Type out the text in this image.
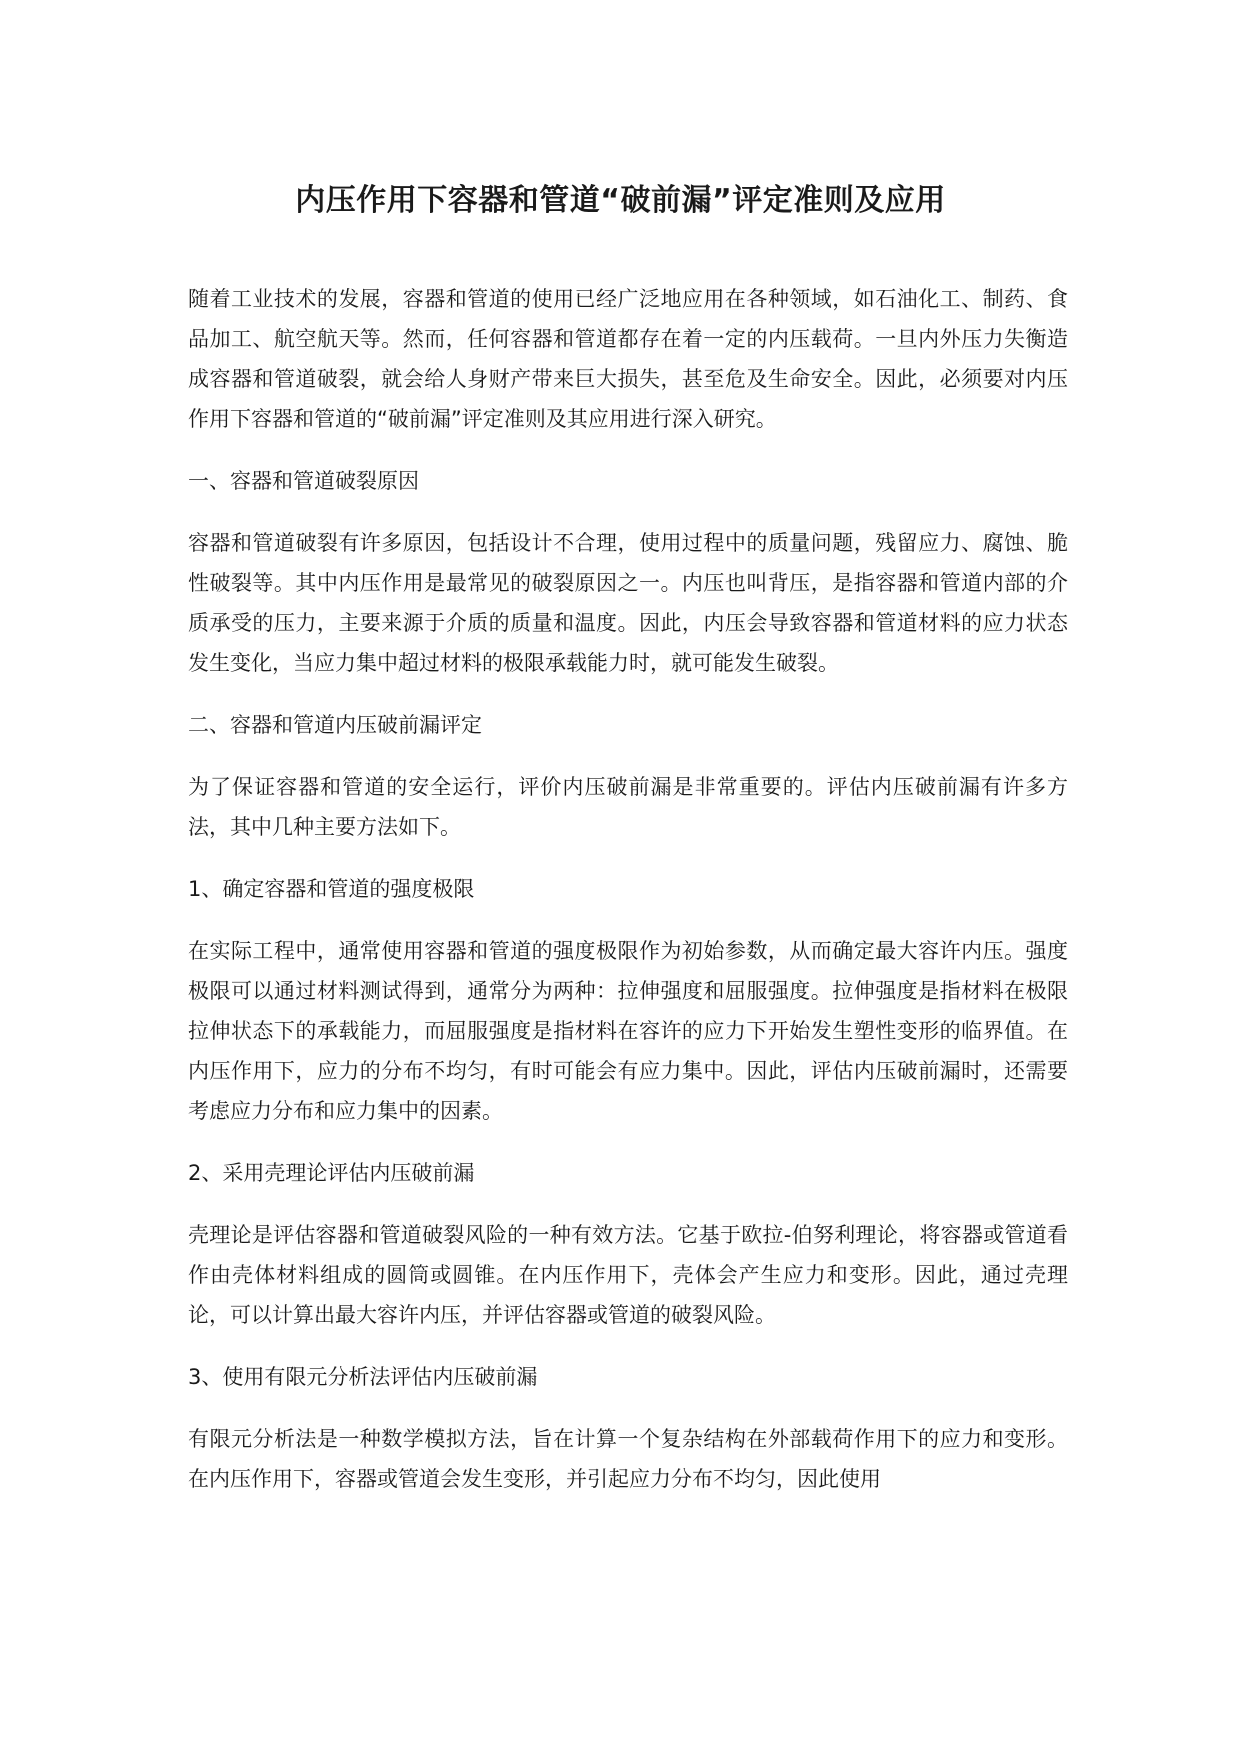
内压作用下容器和管道“破前漏”评定准则及应用

随着工业技术的发展，容器和管道的使用已经广泛地应用在各种领域，如石油化工、制药、食品加工、航空航天等。然而，任何容器和管道都存在着一定的内压载荷。一旦内外压力失衡造成容器和管道破裂，就会给人身财产带来巨大损失，甚至危及生命安全。因此，必须要对内压作用下容器和管道的“破前漏”评定准则及其应用进行深入研究。

一、容器和管道破裂原因

容器和管道破裂有许多原因，包括设计不合理，使用过程中的质量问题，残留应力、腐蚀、脆性破裂等。其中内压作用是最常见的破裂原因之一。内压也叫背压，是指容器和管道内部的介质承受的压力，主要来源于介质的质量和温度。因此，内压会导致容器和管道材料的应力状态发生变化，当应力集中超过材料的极限承载能力时，就可能发生破裂。

二、容器和管道内压破前漏评定

为了保证容器和管道的安全运行，评价内压破前漏是非常重要的。评估内压破前漏有许多方法，其中几种主要方法如下。

1、确定容器和管道的强度极限

在实际工程中，通常使用容器和管道的强度极限作为初始参数，从而确定最大容许内压。强度极限可以通过材料测试得到，通常分为两种：拉伸强度和屈服强度。拉伸强度是指材料在极限拉伸状态下的承载能力，而屈服强度是指材料在容许的应力下开始发生塑性变形的临界值。在内压作用下，应力的分布不均匀，有时可能会有应力集中。因此，评估内压破前漏时，还需要考虑应力分布和应力集中的因素。

2、采用壳理论评估内压破前漏

壳理论是评估容器和管道破裂风险的一种有效方法。它基于欧拉-伯努利理论，将容器或管道看作由壳体材料组成的圆筒或圆锥。在内压作用下，壳体会产生应力和变形。因此，通过壳理论，可以计算出最大容许内压，并评估容器或管道的破裂风险。

3、使用有限元分析法评估内压破前漏

有限元分析法是一种数学模拟方法，旨在计算一个复杂结构在外部载荷作用下的应力和变形。在内压作用下，容器或管道会发生变形，并引起应力分布不均匀，因此使用
